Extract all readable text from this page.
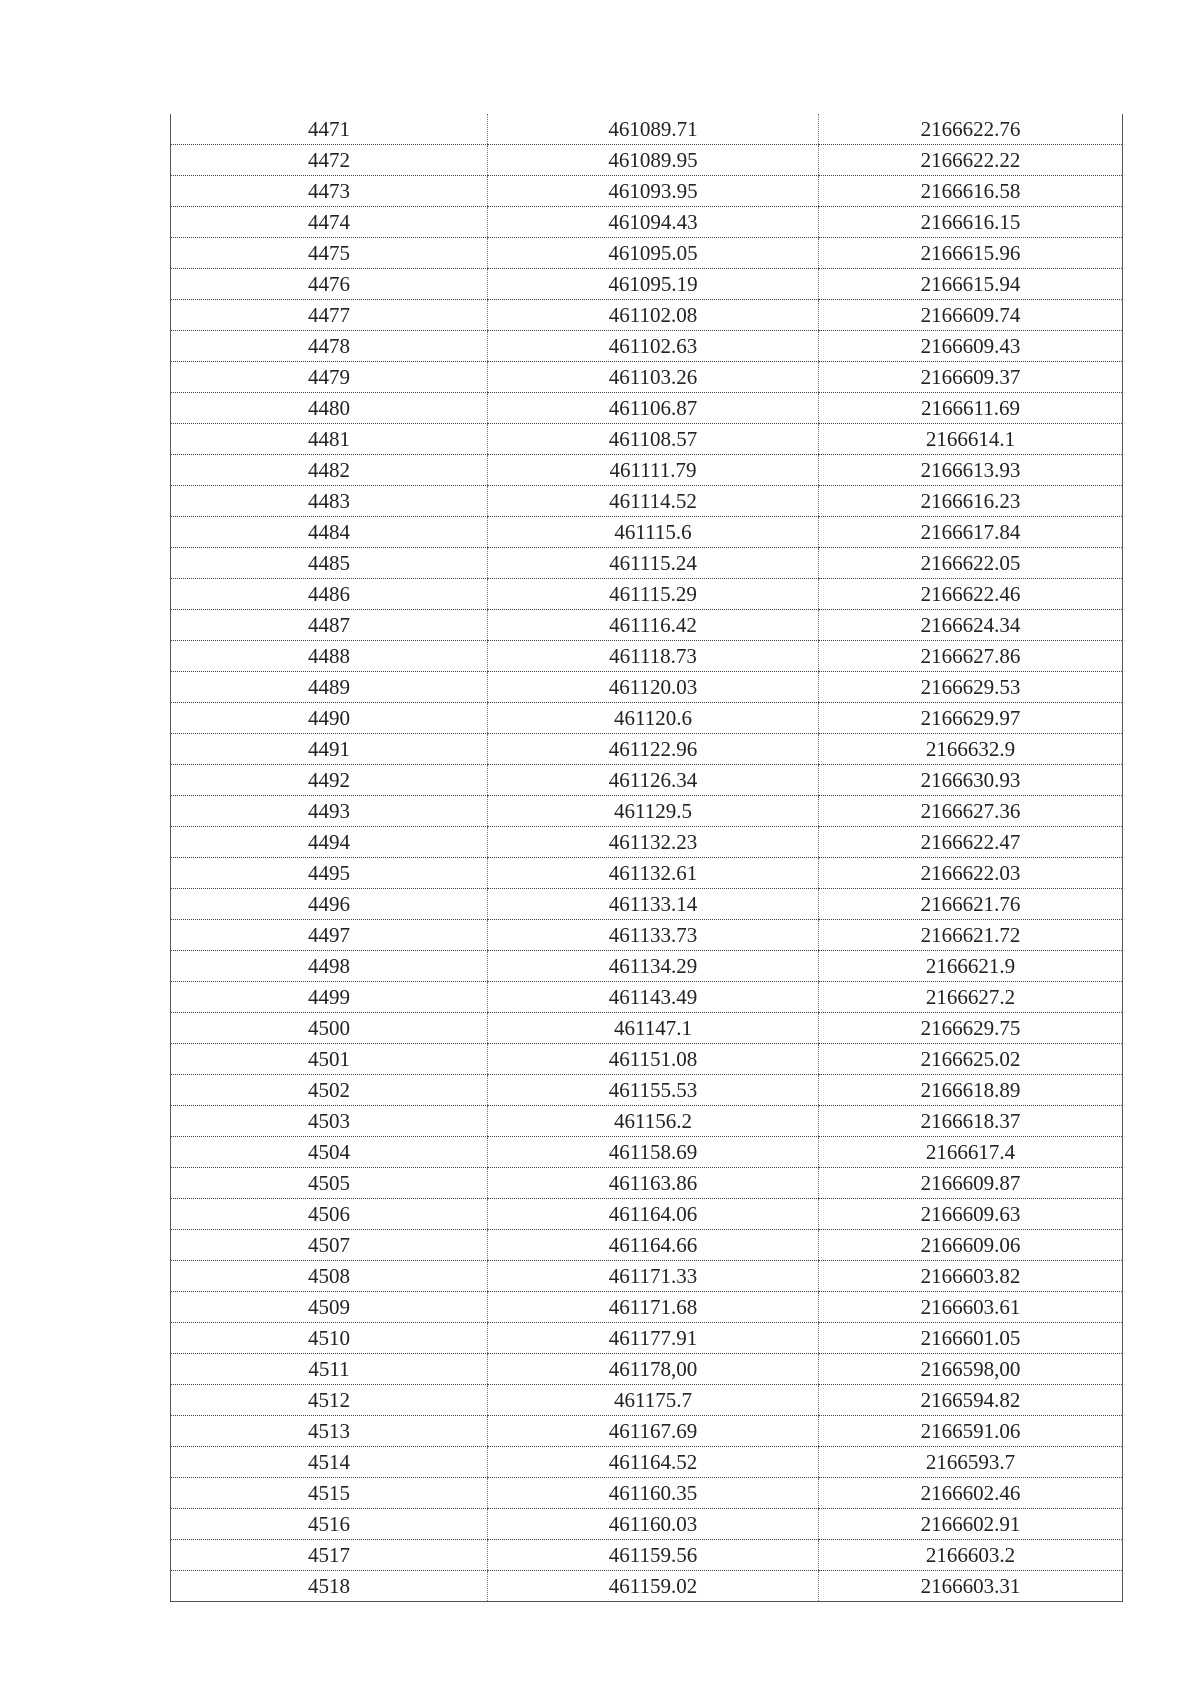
4471	461089.71	2166622.76
4472	461089.95	2166622.22
4473	461093.95	2166616.58
4474	461094.43	2166616.15
4475	461095.05	2166615.96
4476	461095.19	2166615.94
4477	461102.08	2166609.74
4478	461102.63	2166609.43
4479	461103.26	2166609.37
4480	461106.87	2166611.69
4481	461108.57	2166614.1
4482	461111.79	2166613.93
4483	461114.52	2166616.23
4484	461115.6	2166617.84
4485	461115.24	2166622.05
4486	461115.29	2166622.46
4487	461116.42	2166624.34
4488	461118.73	2166627.86
4489	461120.03	2166629.53
4490	461120.6	2166629.97
4491	461122.96	2166632.9
4492	461126.34	2166630.93
4493	461129.5	2166627.36
4494	461132.23	2166622.47
4495	461132.61	2166622.03
4496	461133.14	2166621.76
4497	461133.73	2166621.72
4498	461134.29	2166621.9
4499	461143.49	2166627.2
4500	461147.1	2166629.75
4501	461151.08	2166625.02
4502	461155.53	2166618.89
4503	461156.2	2166618.37
4504	461158.69	2166617.4
4505	461163.86	2166609.87
4506	461164.06	2166609.63
4507	461164.66	2166609.06
4508	461171.33	2166603.82
4509	461171.68	2166603.61
4510	461177.91	2166601.05
4511	461178,00	2166598,00
4512	461175.7	2166594.82
4513	461167.69	2166591.06
4514	461164.52	2166593.7
4515	461160.35	2166602.46
4516	461160.03	2166602.91
4517	461159.56	2166603.2
4518	461159.02	2166603.31
